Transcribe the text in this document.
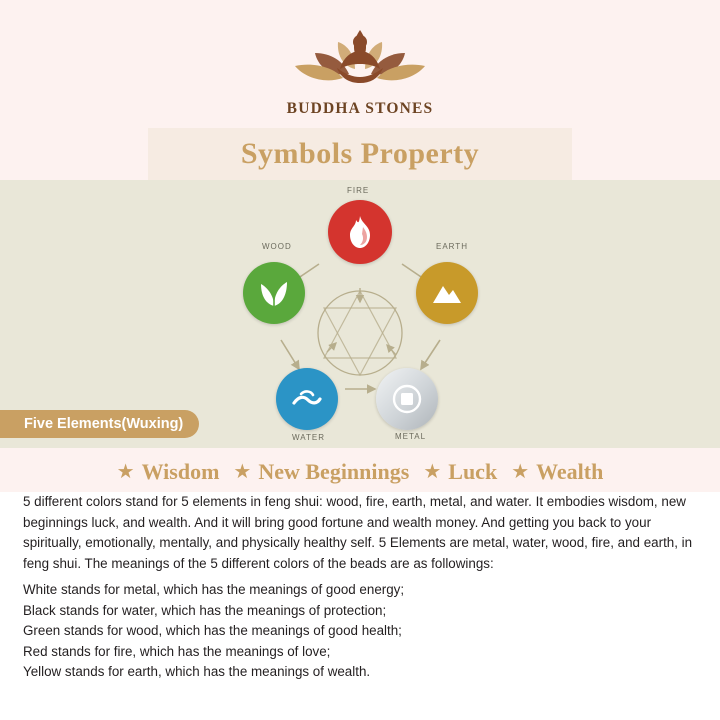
BUDDHA STONES
Symbols Property
FIRE
EARTH
METAL
WATER
WOOD
Five Elements(Wuxing)
★ Wisdom ★ New Beginnings ★ Luck ★ Wealth
5 different colors stand for 5 elements in feng shui: wood, fire, earth, metal, and water. It embodies wisdom, new beginnings luck, and wealth. And it will bring good fortune and wealth money. And getting you back to your spiritually, emotionally, mentally, and physically healthy self. 5 Elements are metal, water, wood, fire, and earth, in feng shui. The meanings of the 5 different colors of the beads are as followings:
White stands for metal, which has the meanings of good energy;
Black stands for water, which has the meanings of protection;
Green stands for wood, which has the meanings of good health;
Red stands for fire, which has the meanings of love;
Yellow stands for earth, which has the meanings of wealth.
